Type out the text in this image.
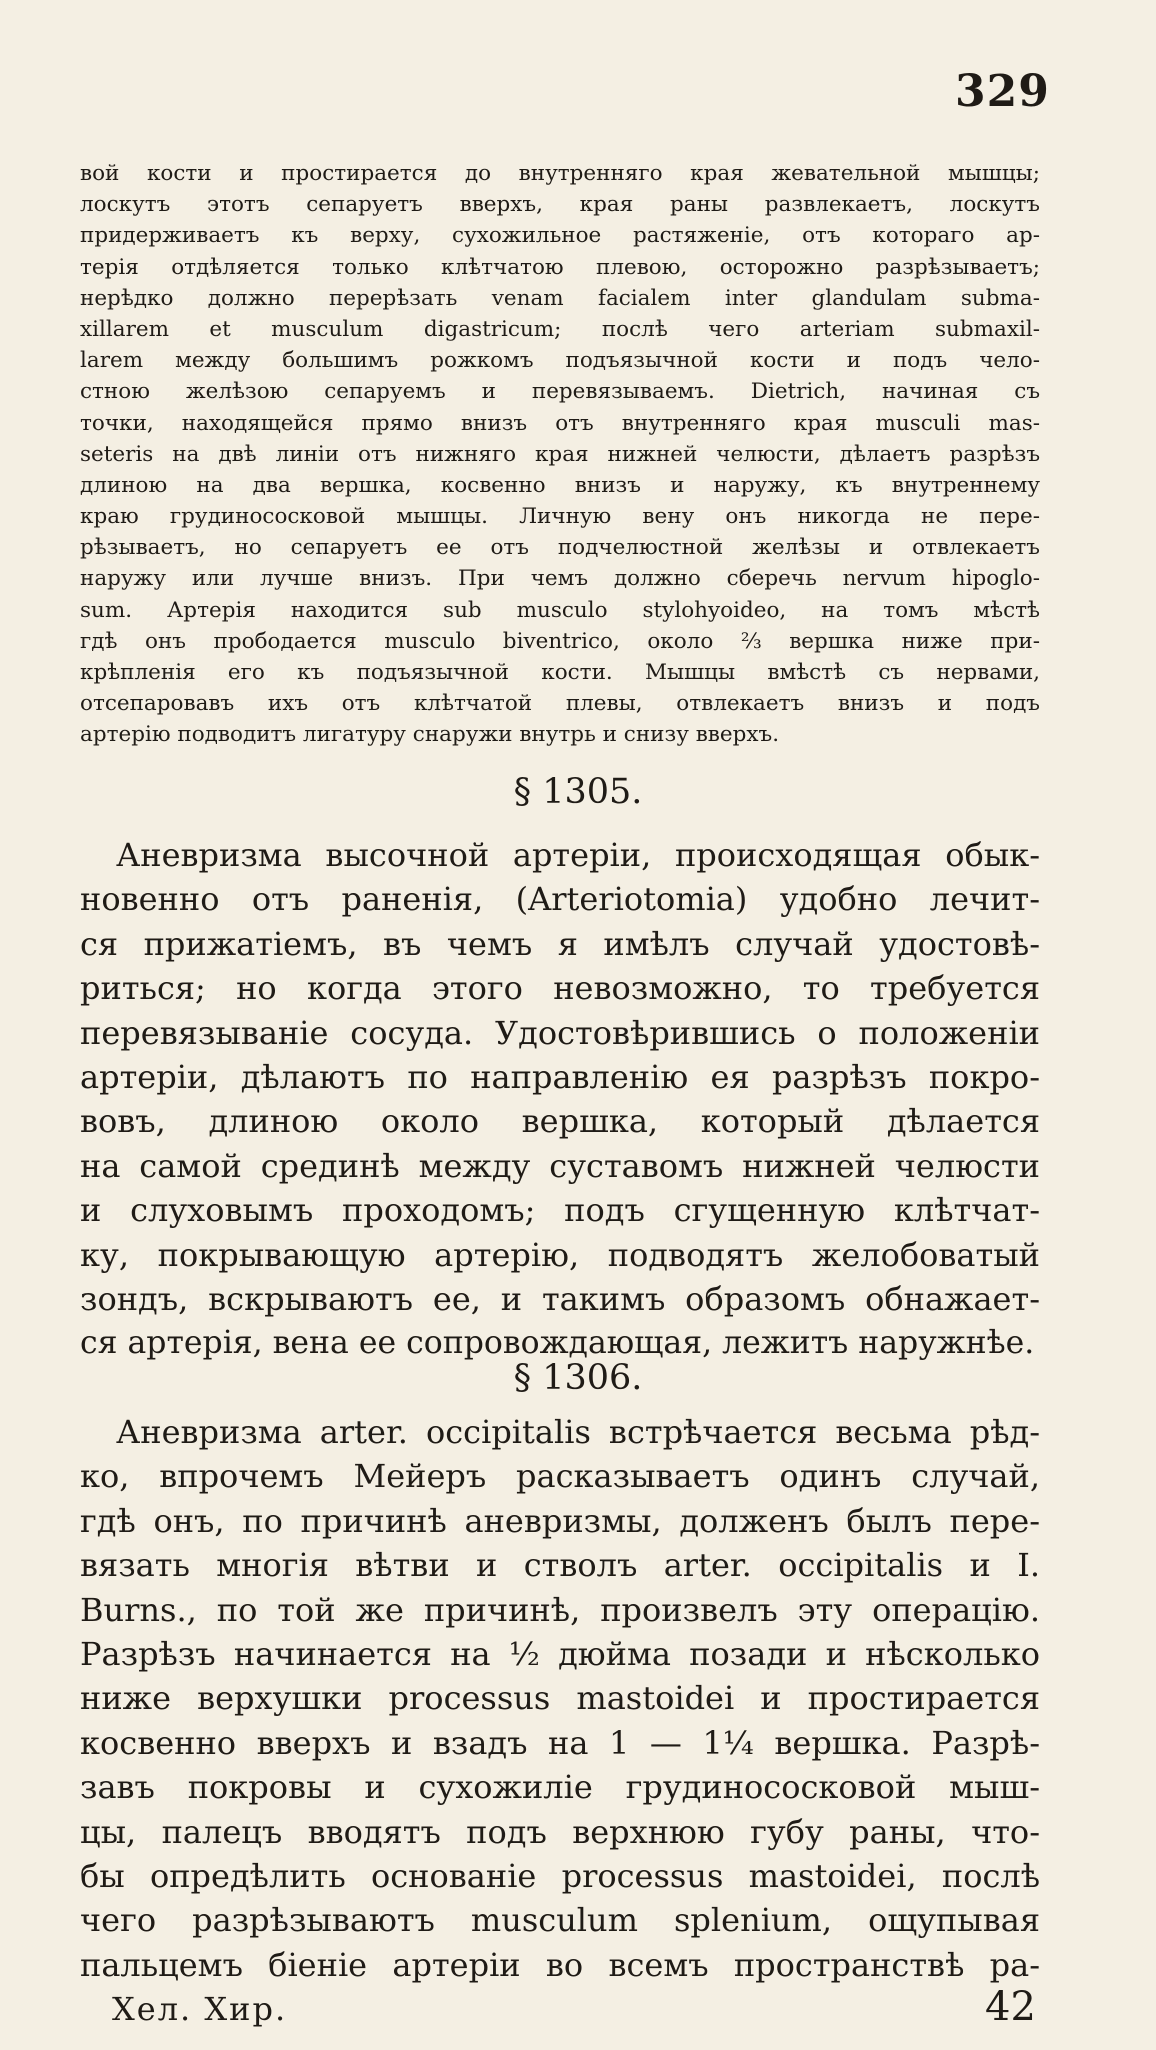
329
вой кости и простирается до внутренняго края жевательной мышцы;
лоскутъ этотъ сепаруетъ вверхъ, края раны развлекаетъ, лоскутъ
придерживаетъ къ верху, сухожильное растяженіе, отъ котораго ар-
терія отдѣляется только клѣтчатою плевою, осторожно разрѣзываетъ;
нерѣдко должно перерѣзать venam facialem inter glandulam subma-
xillarem et musculum digastricum; послѣ чего arteriam submaxil-
larem между большимъ рожкомъ подъязычной кости и подъ чело-
стною желѣзою сепаруемъ и перевязываемъ. Dietrich, начиная съ
точки, находящейся прямо внизъ отъ внутренняго края musculi mas-
seteris на двѣ линіи отъ нижняго края нижней челюсти, дѣлаетъ разрѣзъ
длиною на два вершка, косвенно внизъ и наружу, къ внутреннему
краю грудинососковой мышцы. Личную вену онъ никогда не пере-
рѣзываетъ, но сепаруетъ ее отъ подчелюстной желѣзы и отвлекаетъ
наружу или лучше внизъ. При чемъ должно сберечь nervum hipoglo-
sum. Артерія находится sub musculo stylohyoideo, на томъ мѣстѣ
гдѣ онъ прободается musculo biventrico, около ⅔ вершка ниже при-
крѣпленія его къ подъязычной кости. Мышцы вмѣстѣ съ нервами,
отсепаровавъ ихъ отъ клѣтчатой плевы, отвлекаетъ внизъ и подъ
артерію подводитъ лигатуру снаружи внутрь и снизу вверхъ.
§ 1305.
Аневризма высочной артеріи, происходящая обык-
новенно отъ раненія, (Arteriotomia) удобно лечит-
ся прижатіемъ, въ чемъ я имѣлъ случай удостовѣ-
риться; но когда этого невозможно, то требуется
перевязываніе сосуда. Удостовѣрившись о положеніи
артеріи, дѣлаютъ по направленію ея разрѣзъ покро-
вовъ, длиною около вершка, который дѣлается
на самой срединѣ между суставомъ нижней челюсти
и слуховымъ проходомъ; подъ сгущенную клѣтчат-
ку, покрывающую артерію, подводятъ желобоватый
зондъ, вскрываютъ ее, и такимъ образомъ обнажает-
ся артерія, вена ее сопровождающая, лежитъ наружнѣе.
§ 1306.
Аневризма arter. occipitalis встрѣчается весьма рѣд-
ко, впрочемъ Мейеръ расказываетъ одинъ случай,
гдѣ онъ, по причинѣ аневризмы, долженъ былъ пере-
вязать многія вѣтви и стволъ arter. occipitalis и I.
Burns., по той же причинѣ, произвелъ эту операцію.
Разрѣзъ начинается на ½ дюйма позади и нѣсколько
ниже верхушки processus mastoidei и простирается
косвенно вверхъ и взадъ на 1 — 1¼ вершка. Разрѣ-
завъ покровы и сухожиліе грудинососковой мыш-
цы, палецъ вводятъ подъ верхнюю губу раны, что-
бы опредѣлить основаніе processus mastoidei, послѣ
чего разрѣзываютъ musculum splenium, ощупывая
пальцемъ біеніе артеріи во всемъ пространствѣ ра-
Хел. Хир.	42
